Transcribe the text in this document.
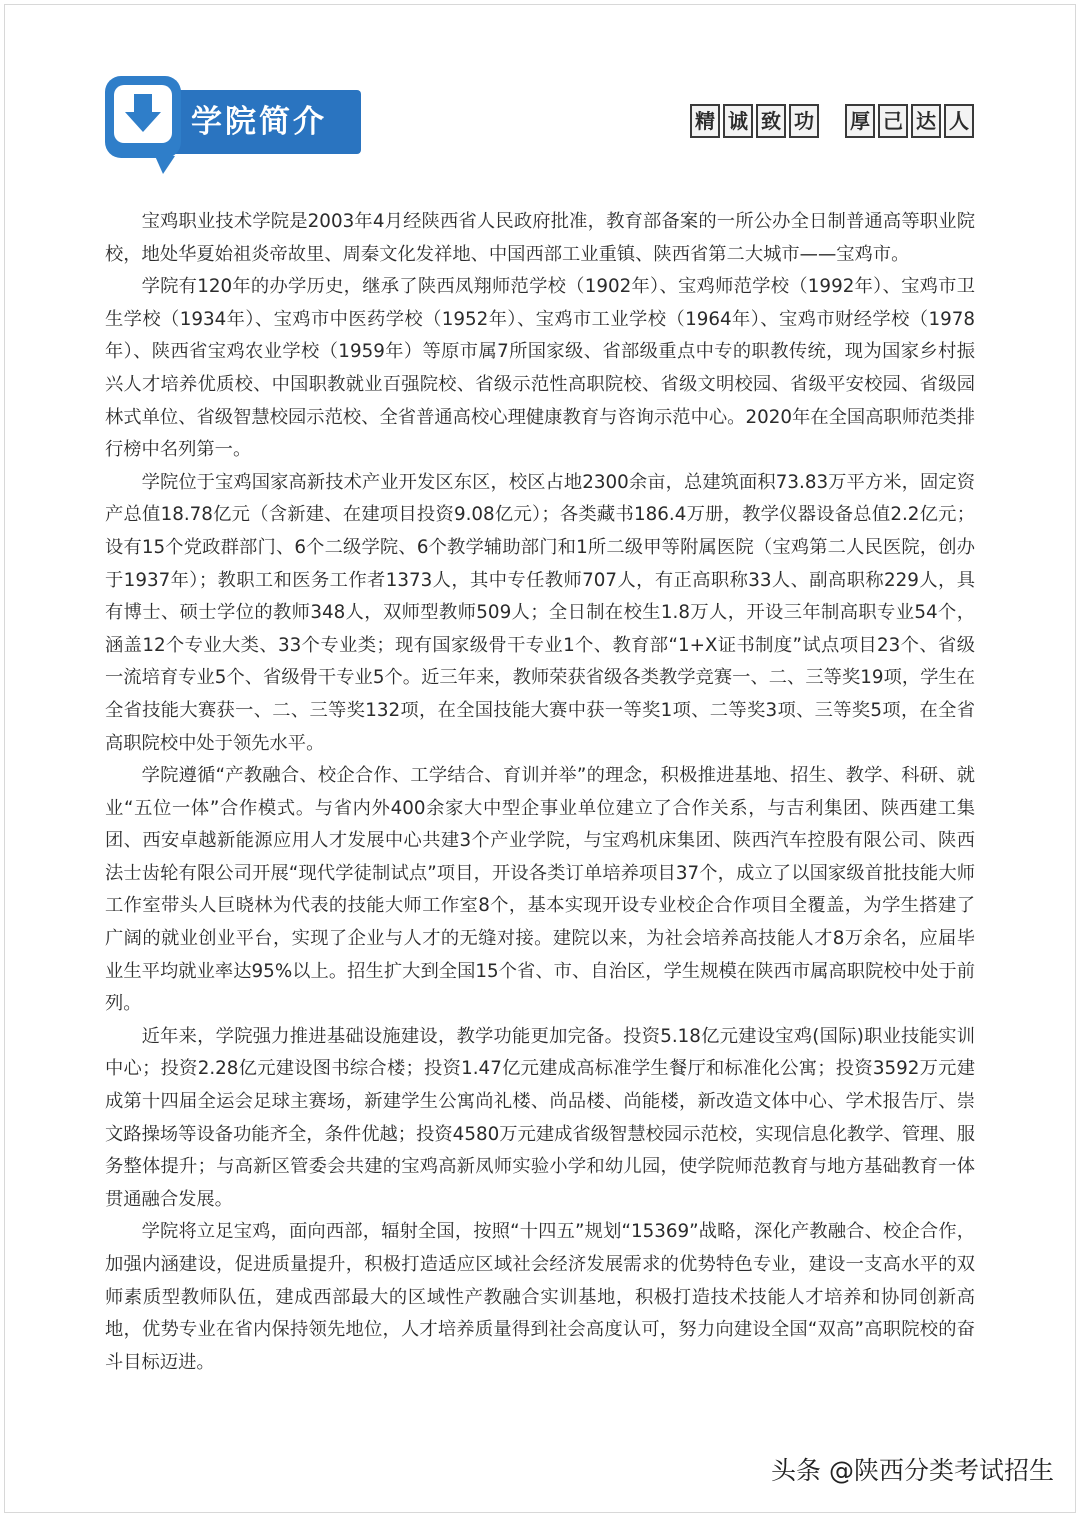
学院简介	精 诚 致 功 厚 己 达 人

宝鸡职业技术学院是2003年4月经陕西省人民政府批准，教育部备案的一所公办全日制普通高等职业院校，地处华夏始祖炎帝故里、周秦文化发祥地、中国西部工业重镇、陕西省第二大城市——宝鸡市。

学院有120年的办学历史，继承了陕西凤翔师范学校（1902年）、宝鸡师范学校（1992年）、宝鸡市卫生学校（1934年）、宝鸡市中医药学校（1952年）、宝鸡市工业学校（1964年）、宝鸡市财经学校（1978年）、陕西省宝鸡农业学校（1959年）等原市属7所国家级、省部级重点中专的职教传统，现为国家乡村振兴人才培养优质校、中国职教就业百强院校、省级示范性高职院校、省级文明校园、省级平安校园、省级园林式单位、省级智慧校园示范校、全省普通高校心理健康教育与咨询示范中心。2020年在全国高职师范类排行榜中名列第一。

学院位于宝鸡国家高新技术产业开发区东区，校区占地2300余亩，总建筑面积73.83万平方米，固定资产总值18.78亿元（含新建、在建项目投资9.08亿元）；各类藏书186.4万册，教学仪器设备总值2.2亿元；设有15个党政群部门、6个二级学院、6个教学辅助部门和1所二级甲等附属医院（宝鸡第二人民医院，创办于1937年）；教职工和医务工作者1373人，其中专任教师707人，有正高职称33人、副高职称229人，具有博士、硕士学位的教师348人，双师型教师509人；全日制在校生1.8万人，开设三年制高职专业54个，涵盖12个专业大类、33个专业类；现有国家级骨干专业1个、教育部“1+X证书制度”试点项目23个、省级一流培育专业5个、省级骨干专业5个。近三年来，教师荣获省级各类教学竞赛一、二、三等奖19项，学生在全省技能大赛获一、二、三等奖132项，在全国技能大赛中获一等奖1项、二等奖3项、三等奖5项，在全省高职院校中处于领先水平。

学院遵循“产教融合、校企合作、工学结合、育训并举”的理念，积极推进基地、招生、教学、科研、就业“五位一体”合作模式。与省内外400余家大中型企事业单位建立了合作关系，与吉利集团、陕西建工集团、西安卓越新能源应用人才发展中心共建3个产业学院，与宝鸡机床集团、陕西汽车控股有限公司、陕西法士齿轮有限公司开展“现代学徒制试点”项目，开设各类订单培养项目37个，成立了以国家级首批技能大师工作室带头人巨晓林为代表的技能大师工作室8个，基本实现开设专业校企合作项目全覆盖，为学生搭建了广阔的就业创业平台，实现了企业与人才的无缝对接。建院以来，为社会培养高技能人才8万余名，应届毕业生平均就业率达95%以上。招生扩大到全国15个省、市、自治区，学生规模在陕西市属高职院校中处于前列。

近年来，学院强力推进基础设施建设，教学功能更加完备。投资5.18亿元建设宝鸡(国际)职业技能实训中心；投资2.28亿元建设图书综合楼；投资1.47亿元建成高标准学生餐厅和标准化公寓；投资3592万元建成第十四届全运会足球主赛场，新建学生公寓尚礼楼、尚品楼、尚能楼，新改造文体中心、学术报告厅、崇文路操场等设备功能齐全，条件优越；投资4580万元建成省级智慧校园示范校，实现信息化教学、管理、服务整体提升；与高新区管委会共建的宝鸡高新凤师实验小学和幼儿园，使学院师范教育与地方基础教育一体贯通融合发展。

学院将立足宝鸡，面向西部，辐射全国，按照“十四五”规划“15369”战略，深化产教融合、校企合作，加强内涵建设，促进质量提升，积极打造适应区域社会经济发展需求的优势特色专业，建设一支高水平的双师素质型教师队伍，建成西部最大的区域性产教融合实训基地，积极打造技术技能人才培养和协同创新高地，优势专业在省内保持领先地位，人才培养质量得到社会高度认可，努力向建设全国“双高”高职院校的奋斗目标迈进。

头条 @陕西分类考试招生
